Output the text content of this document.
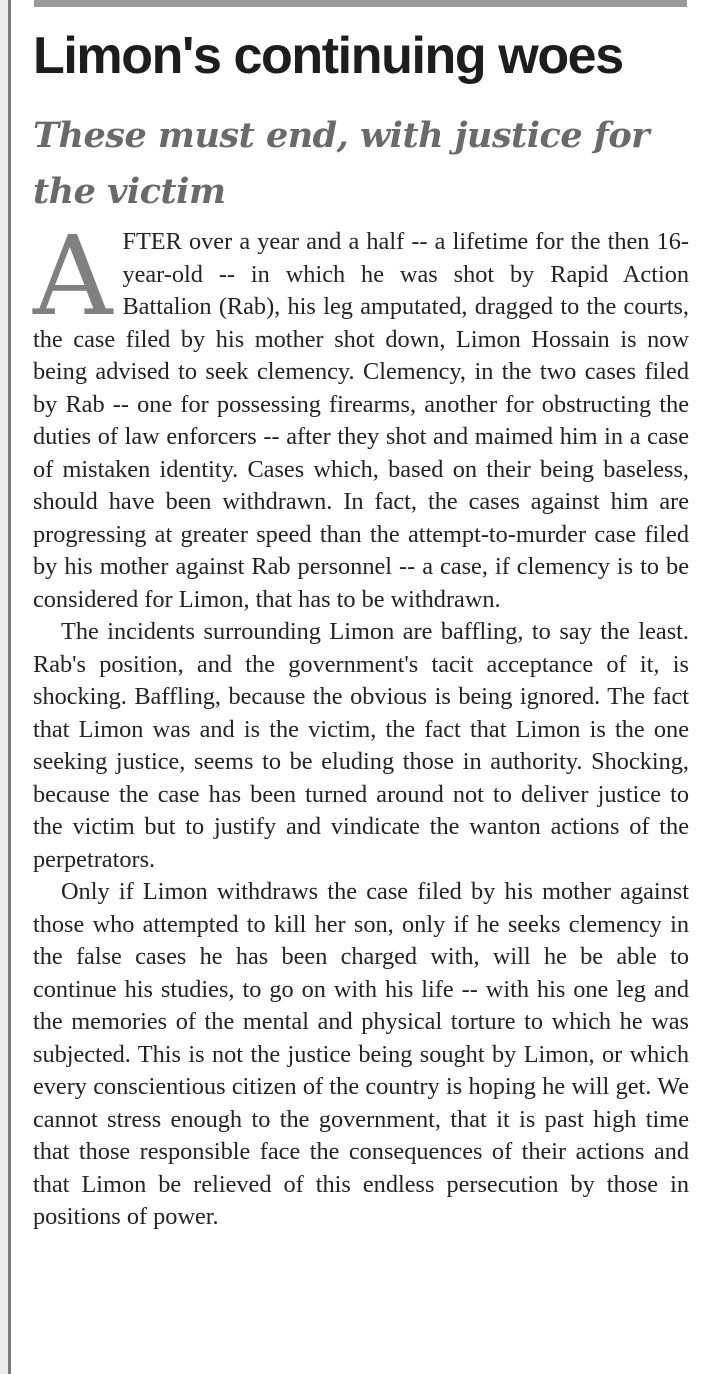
Limon's continuing woes
These must end, with justice for the victim

AFTER over a year and a half -- a lifetime for the then 16-year-old -- in which he was shot by Rapid Action Battalion (Rab), his leg amputated, dragged to the courts, the case filed by his mother shot down, Limon Hossain is now being advised to seek clemency. Clemency, in the two cases filed by Rab -- one for possessing firearms, another for obstructing the duties of law enforcers -- after they shot and maimed him in a case of mistaken identity. Cases which, based on their being baseless, should have been withdrawn. In fact, the cases against him are progressing at greater speed than the attempt-to-murder case filed by his mother against Rab personnel -- a case, if clemency is to be considered for Limon, that has to be withdrawn.

The incidents surrounding Limon are baffling, to say the least. Rab's position, and the government's tacit acceptance of it, is shocking. Baffling, because the obvious is being ignored. The fact that Limon was and is the victim, the fact that Limon is the one seeking justice, seems to be eluding those in authority. Shocking, because the case has been turned around not to deliver justice to the victim but to justify and vindicate the wanton actions of the perpetrators.

Only if Limon withdraws the case filed by his mother against those who attempted to kill her son, only if he seeks clemency in the false cases he has been charged with, will he be able to continue his studies, to go on with his life -- with his one leg and the memories of the mental and physical torture to which he was subjected. This is not the justice being sought by Limon, or which every conscientious citizen of the country is hoping he will get. We cannot stress enough to the government, that it is past high time that those responsible face the consequences of their actions and that Limon be relieved of this endless persecution by those in positions of power.
